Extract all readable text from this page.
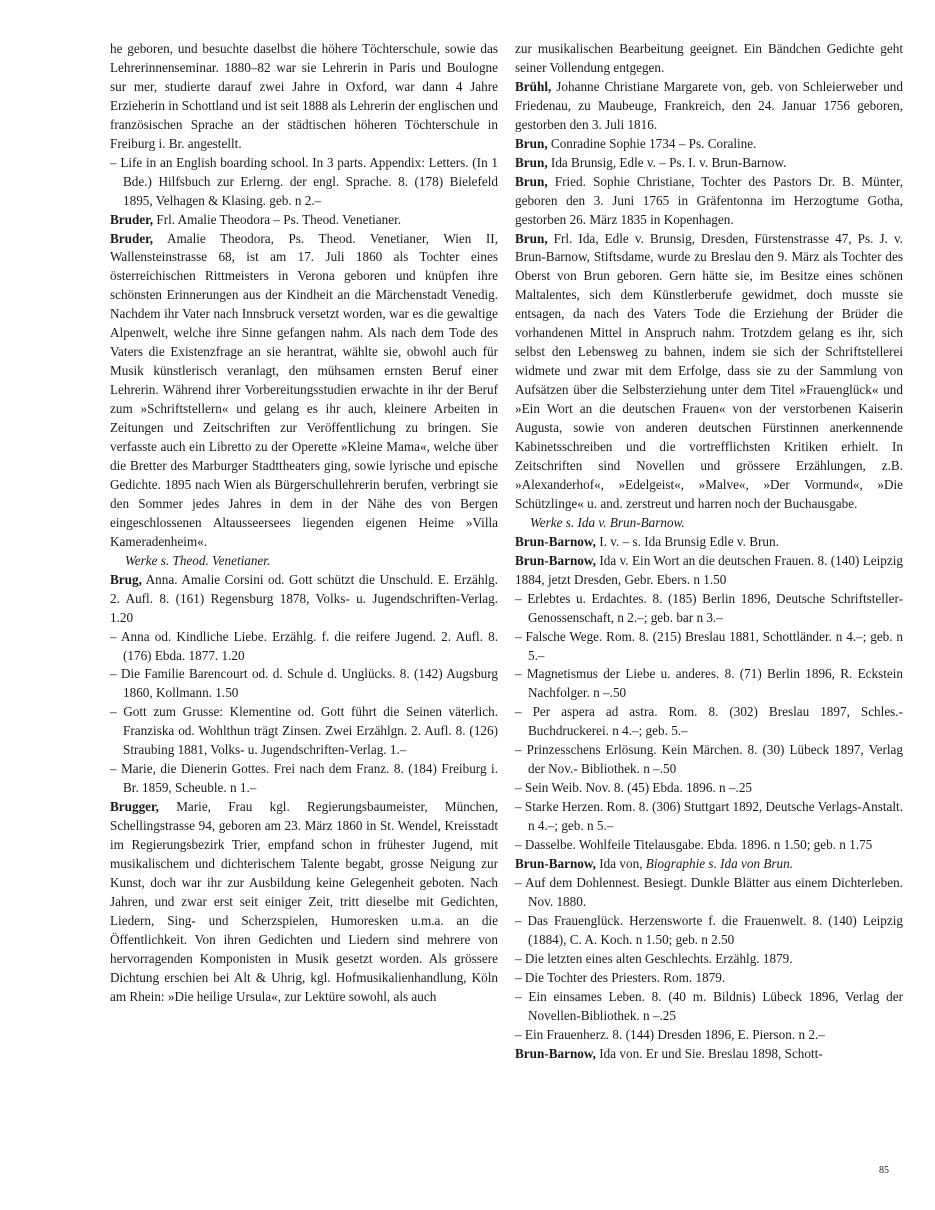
he geboren, und besuchte daselbst die höhere Töchterschule, sowie das Lehrerinnenseminar. 1880–82 war sie Lehrerin in Paris und Boulogne sur mer, studierte darauf zwei Jahre in Oxford, war dann 4 Jahre Erzieherin in Schottland und ist seit 1888 als Lehrerin der englischen und französischen Sprache an der städtischen höheren Töchterschule in Freiburg i. Br. angestellt.
– Life in an English boarding school. In 3 parts. Appendix: Letters. (In 1 Bde.) Hilfsbuch zur Erlerng. der engl. Sprache. 8. (178) Bielefeld 1895, Velhagen & Klasing. geb. n 2.–
Bruder, Frl. Amalie Theodora – Ps. Theod. Venetianer.
Bruder, Amalie Theodora, Ps. Theod. Venetianer, Wien II, Wallensteinstrasse 68, ist am 17. Juli 1860 als Tochter eines österreichischen Rittmeisters in Verona geboren und knüpfen ihre schönsten Erinnerungen aus der Kindheit an die Märchenstadt Venedig. Nachdem ihr Vater nach Innsbruck versetzt worden, war es die gewaltige Alpenwelt, welche ihre Sinne gefangen nahm. Als nach dem Tode des Vaters die Existenzfrage an sie herantrat, wählte sie, obwohl auch für Musik künstlerisch veranlagt, den mühsamen ernsten Beruf einer Lehrerin. Während ihrer Vorbereitungsstudien erwachte in ihr der Beruf zum »Schriftstellern« und gelang es ihr auch, kleinere Arbeiten in Zeitungen und Zeitschriften zur Veröffentlichung zu bringen. Sie verfasste auch ein Libretto zu der Operette »Kleine Mama«, welche über die Bretter des Marburger Stadttheaters ging, sowie lyrische und epische Gedichte. 1895 nach Wien als Bürgerschullehrerin berufen, verbringt sie den Sommer jedes Jahres in dem in der Nähe des von Bergen eingeschlossenen Altausseersees liegenden eigenen Heime »Villa Kameradenheim«.
Werke s. Theod. Venetianer.
Brug, Anna. Amalie Corsini od. Gott schützt die Unschuld. E. Erzählg. 2. Aufl. 8. (161) Regensburg 1878, Volks- u. Jugendschriften-Verlag. 1.20
– Anna od. Kindliche Liebe. Erzählg. f. die reifere Jugend. 2. Aufl. 8. (176) Ebda. 1877. 1.20
– Die Familie Barencourt od. d. Schule d. Unglücks. 8. (142) Augsburg 1860, Kollmann. 1.50
– Gott zum Grusse: Klementine od. Gott führt die Seinen väterlich. Franziska od. Wohlthun trägt Zinsen. Zwei Erzählgn. 2. Aufl. 8. (126) Straubing 1881, Volks- u. Jugendschriften-Verlag. 1.–
– Marie, die Dienerin Gottes. Frei nach dem Franz. 8. (184) Freiburg i. Br. 1859, Scheuble. n 1.–
Brugger, Marie, Frau kgl. Regierungsbaumeister, München, Schellingstrasse 94, geboren am 23. März 1860 in St. Wendel, Kreisstadt im Regierungsbezirk Trier, empfand schon in frühester Jugend, mit musikalischem und dichterischem Talente begabt, grosse Neigung zur Kunst, doch war ihr zur Ausbildung keine Gelegenheit geboten. Nach Jahren, und zwar erst seit einiger Zeit, tritt dieselbe mit Gedichten, Liedern, Sing- und Scherzspielen, Humoresken u.m.a. an die Öffentlichkeit. Von ihren Gedichten und Liedern sind mehrere von hervorragenden Komponisten in Musik gesetzt worden. Als grössere Dichtung erschien bei Alt & Uhrig, kgl. Hofmusikalienhandlung, Köln am Rhein: »Die heilige Ursula«, zur Lektüre sowohl, als auch
zur musikalischen Bearbeitung geeignet. Ein Bändchen Gedichte geht seiner Vollendung entgegen.
Brühl, Johanne Christiane Margarete von, geb. von Schleierweber und Friedenau, zu Maubeuge, Frankreich, den 24. Januar 1756 geboren, gestorben den 3. Juli 1816.
Brun, Conradine Sophie 1734 – Ps. Coraline.
Brun, Ida Brunsig, Edle v. – Ps. I. v. Brun-Barnow.
Brun, Fried. Sophie Christiane, Tochter des Pastors Dr. B. Münter, geboren den 3. Juni 1765 in Gräfentonna im Herzogtume Gotha, gestorben 26. März 1835 in Kopenhagen.
Brun, Frl. Ida, Edle v. Brunsig, Dresden, Fürstenstrasse 47, Ps. J. v. Brun-Barnow, Stiftsdame, wurde zu Breslau den 9. März als Tochter des Oberst von Brun geboren. Gern hätte sie, im Besitze eines schönen Maltalentes, sich dem Künstlerberufe gewidmet, doch musste sie entsagen, da nach des Vaters Tode die Erziehung der Brüder die vorhandenen Mittel in Anspruch nahm. Trotzdem gelang es ihr, sich selbst den Lebensweg zu bahnen, indem sie sich der Schriftstellerei widmete und zwar mit dem Erfolge, dass sie zu der Sammlung von Aufsätzen über die Selbsterziehung unter dem Titel »Frauenglück« und »Ein Wort an die deutschen Frauen« von der verstorbenen Kaiserin Augusta, sowie von anderen deutschen Fürstinnen anerkennende Kabinetsschreiben und die vortrefflichsten Kritiken erhielt. In Zeitschriften sind Novellen und grössere Erzählungen, z.B. »Alexanderhof«, »Edelgeist«, »Malve«, »Der Vormund«, »Die Schützlinge« u. and. zerstreut und harren noch der Buchausgabe.
Werke s. Ida v. Brun-Barnow.
Brun-Barnow, I. v. – s. Ida Brunsig Edle v. Brun.
Brun-Barnow, Ida v. Ein Wort an die deutschen Frauen. 8. (140) Leipzig 1884, jetzt Dresden, Gebr. Ebers. n 1.50
– Erlebtes u. Erdachtes. 8. (185) Berlin 1896, Deutsche Schriftsteller-Genossenschaft, n 2.–; geb. bar n 3.–
– Falsche Wege. Rom. 8. (215) Breslau 1881, Schottländer. n 4.–; geb. n 5.–
– Magnetismus der Liebe u. anderes. 8. (71) Berlin 1896, R. Eckstein Nachfolger. n –.50
– Per aspera ad astra. Rom. 8. (302) Breslau 1897, Schles.-Buchdruckerei. n 4.–; geb. 5.–
– Prinzesschens Erlösung. Kein Märchen. 8. (30) Lübeck 1897, Verlag der Nov.- Bibliothek. n –.50
– Sein Weib. Nov. 8. (45) Ebda. 1896. n –.25
– Starke Herzen. Rom. 8. (306) Stuttgart 1892, Deutsche Verlags-Anstalt. n 4.–; geb. n 5.–
– Dasselbe. Wohlfeile Titelausgabe. Ebda. 1896. n 1.50; geb. n 1.75
Brun-Barnow, Ida von, Biographie s. Ida von Brun.
– Auf dem Dohlennest. Besiegt. Dunkle Blätter aus einem Dichterleben. Nov. 1880.
– Das Frauenglück. Herzensworte f. die Frauenwelt. 8. (140) Leipzig (1884), C. A. Koch. n 1.50; geb. n 2.50
– Die letzten eines alten Geschlechts. Erzählg. 1879.
– Die Tochter des Priesters. Rom. 1879.
– Ein einsames Leben. 8. (40 m. Bildnis) Lübeck 1896, Verlag der Novellen-Bibliothek. n –.25
– Ein Frauenherz. 8. (144) Dresden 1896, E. Pierson. n 2.–
Brun-Barnow, Ida von. Er und Sie. Breslau 1898, Schott-
85
